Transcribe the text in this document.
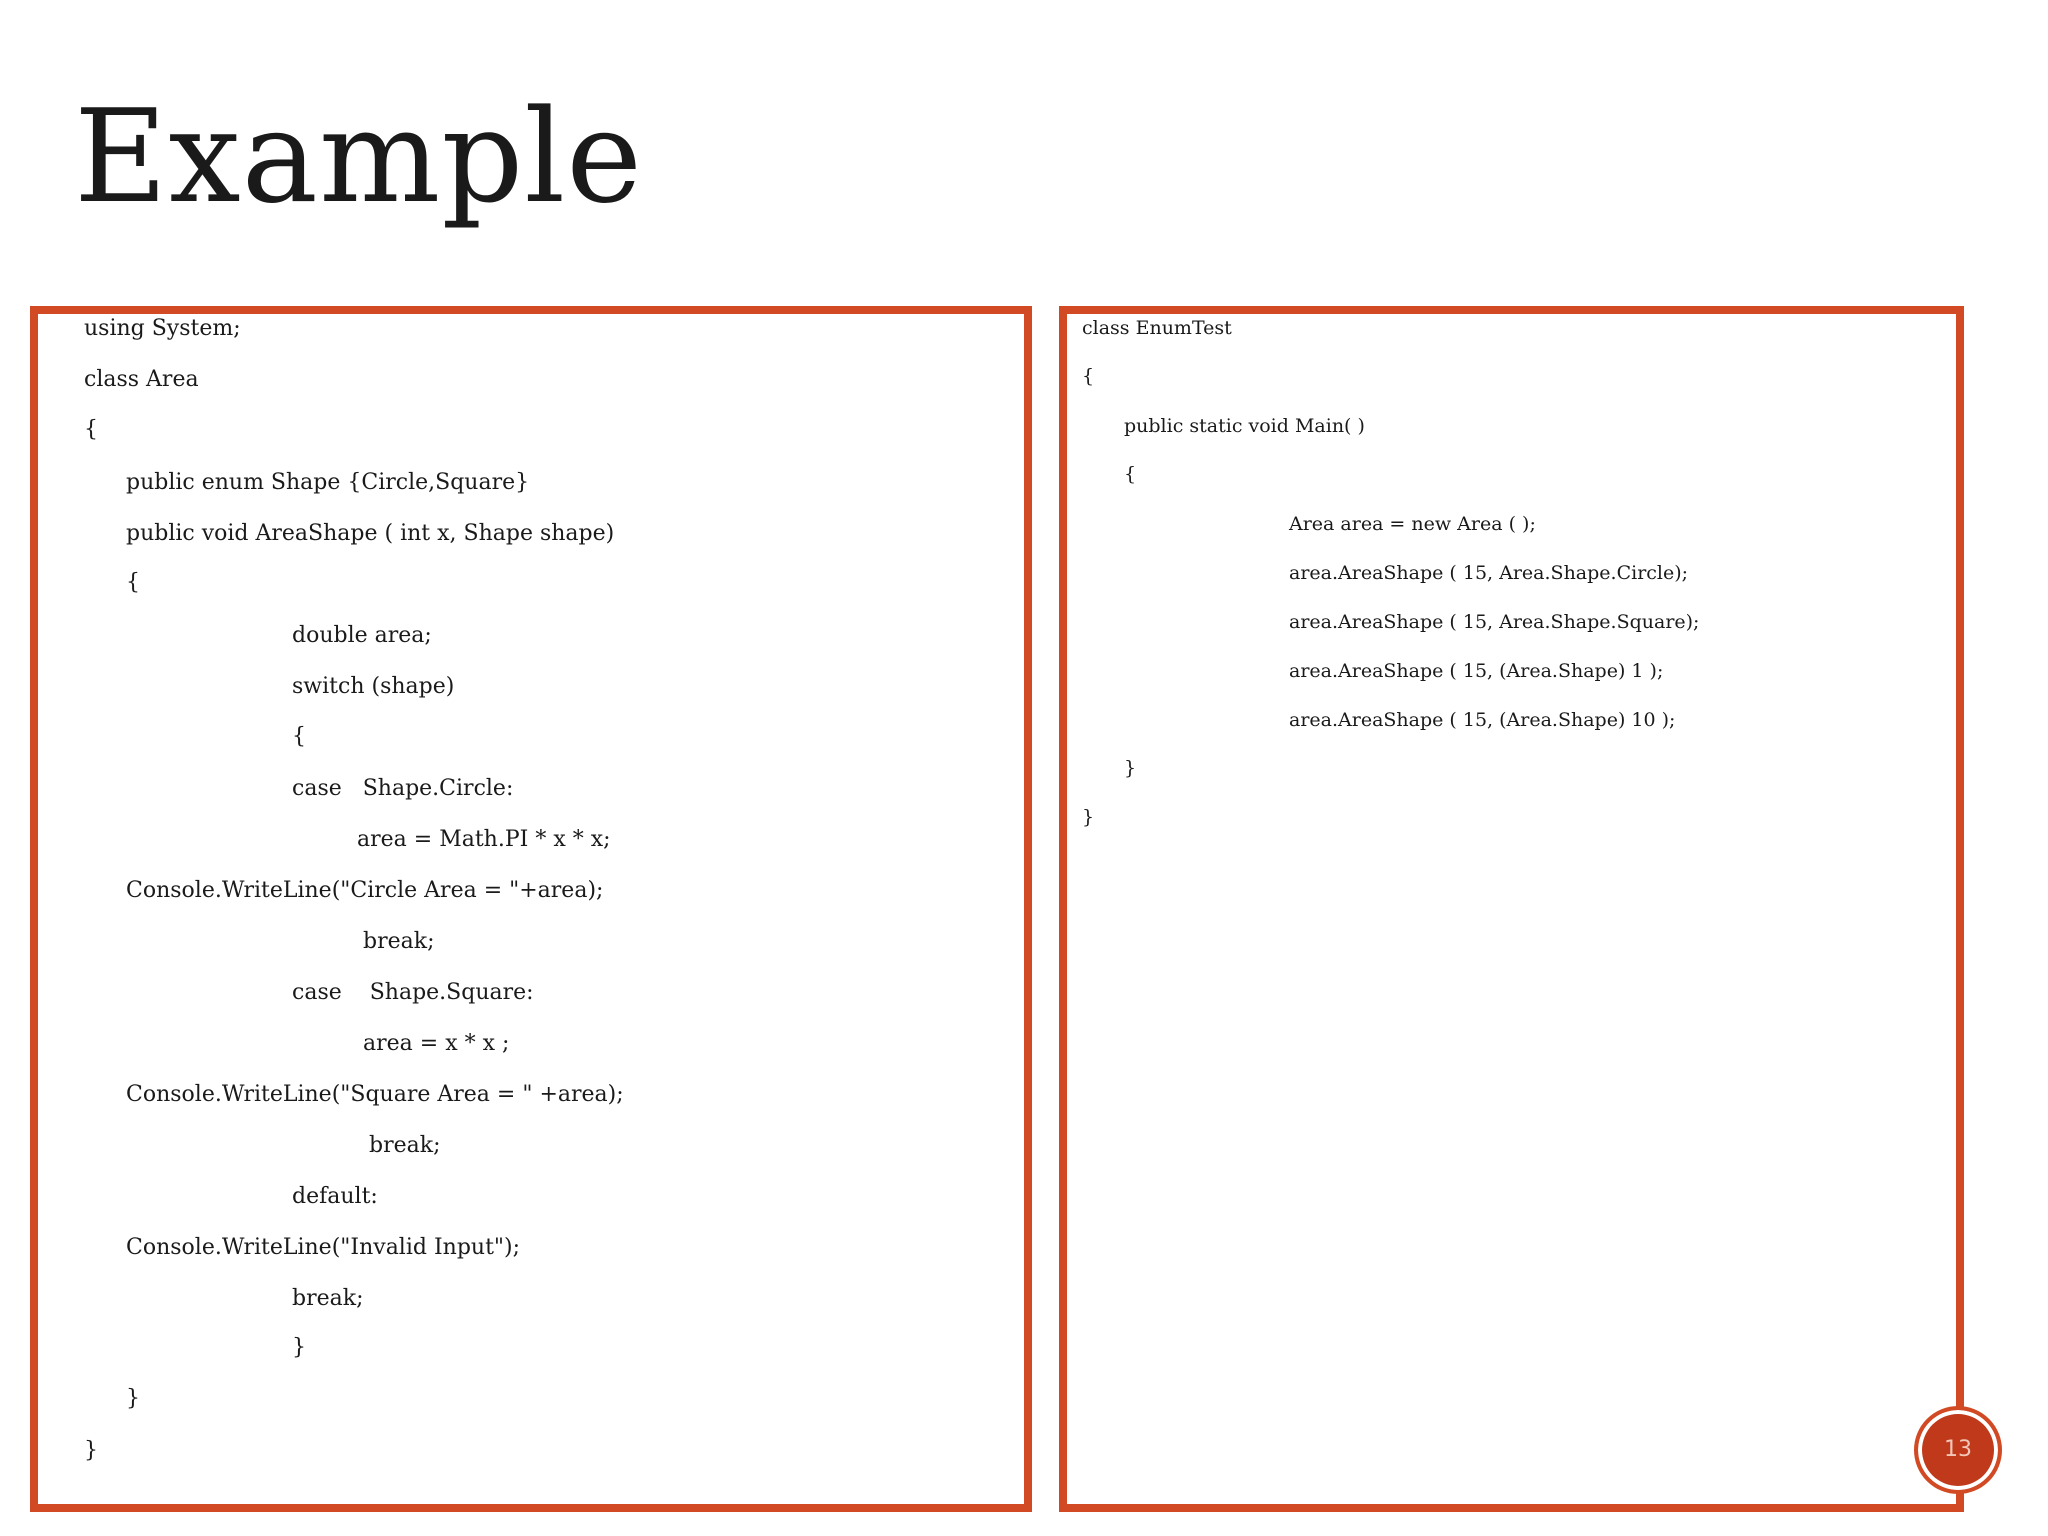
Example
using System;
class Area
{
public enum Shape {Circle,Square}
public void AreaShape ( int x, Shape shape)
{
double area;
switch (shape)
{
case   Shape.Circle:
area = Math.PI * x * x;
Console.WriteLine("Circle Area = "+area);
break;
case    Shape.Square:
area = x * x ;
Console.WriteLine("Square Area = " +area);
break;
default:
Console.WriteLine("Invalid Input");
break;
}
}
}
class EnumTest
{
public static void Main( )
{
Area area = new Area ( );
area.AreaShape ( 15, Area.Shape.Circle);
area.AreaShape ( 15, Area.Shape.Square);
area.AreaShape ( 15, (Area.Shape) 1 );
area.AreaShape ( 15, (Area.Shape) 10 );
}
}
13
